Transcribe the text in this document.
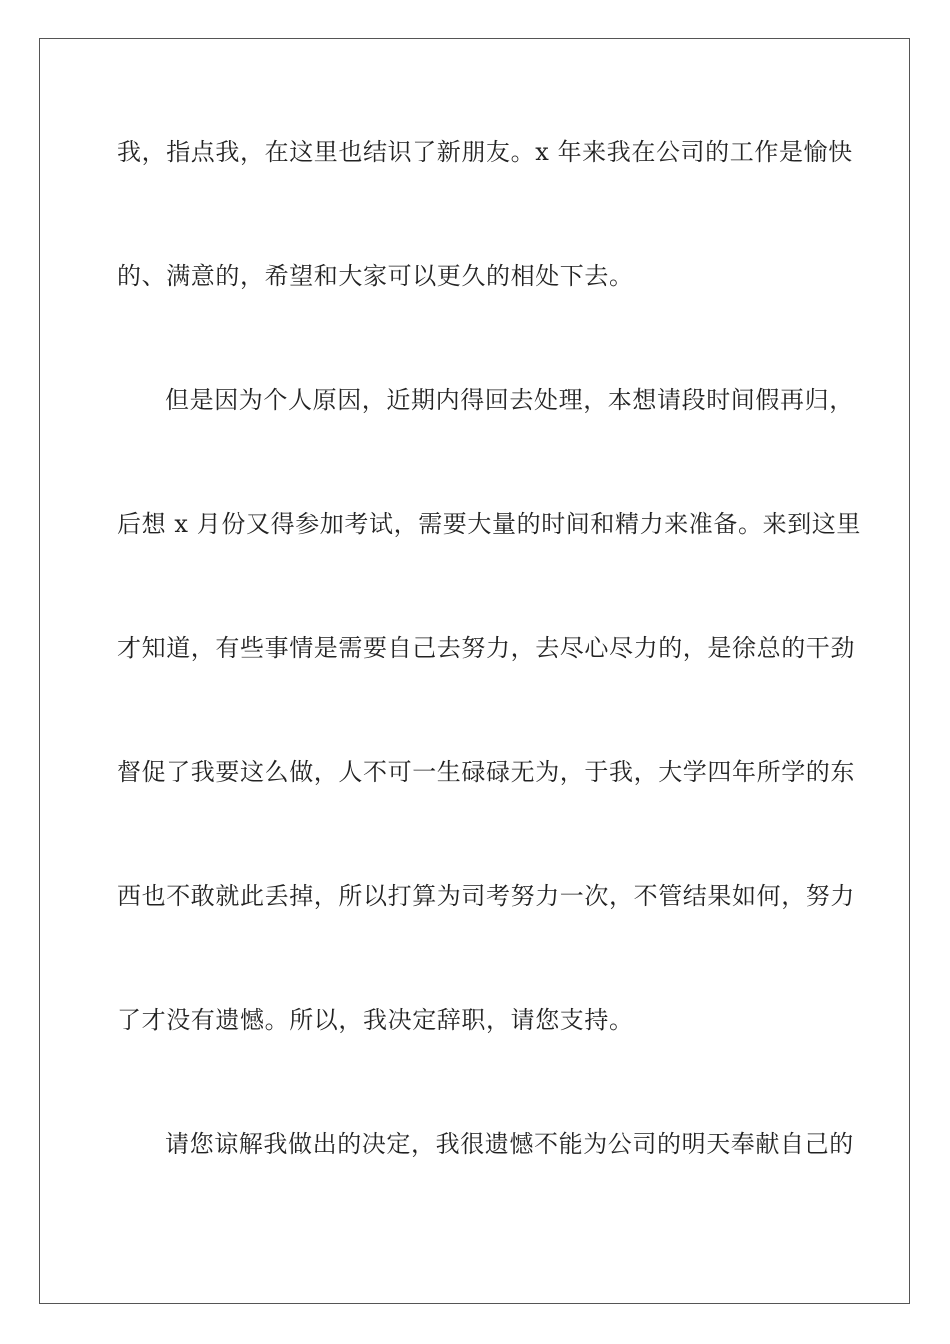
我，指点我，在这里也结识了新朋友。x 年来我在公司的工作是愉快
的、满意的，希望和大家可以更久的相处下去。
但是因为个人原因，近期内得回去处理，本想请段时间假再归，
后想 x 月份又得参加考试，需要大量的时间和精力来准备。来到这里
才知道，有些事情是需要自己去努力，去尽心尽力的，是徐总的干劲
督促了我要这么做，人不可一生碌碌无为，于我，大学四年所学的东
西也不敢就此丢掉，所以打算为司考努力一次，不管结果如何，努力
了才没有遗憾。所以，我决定辞职，请您支持。
请您谅解我做出的决定，我很遗憾不能为公司的明天奉献自己的
